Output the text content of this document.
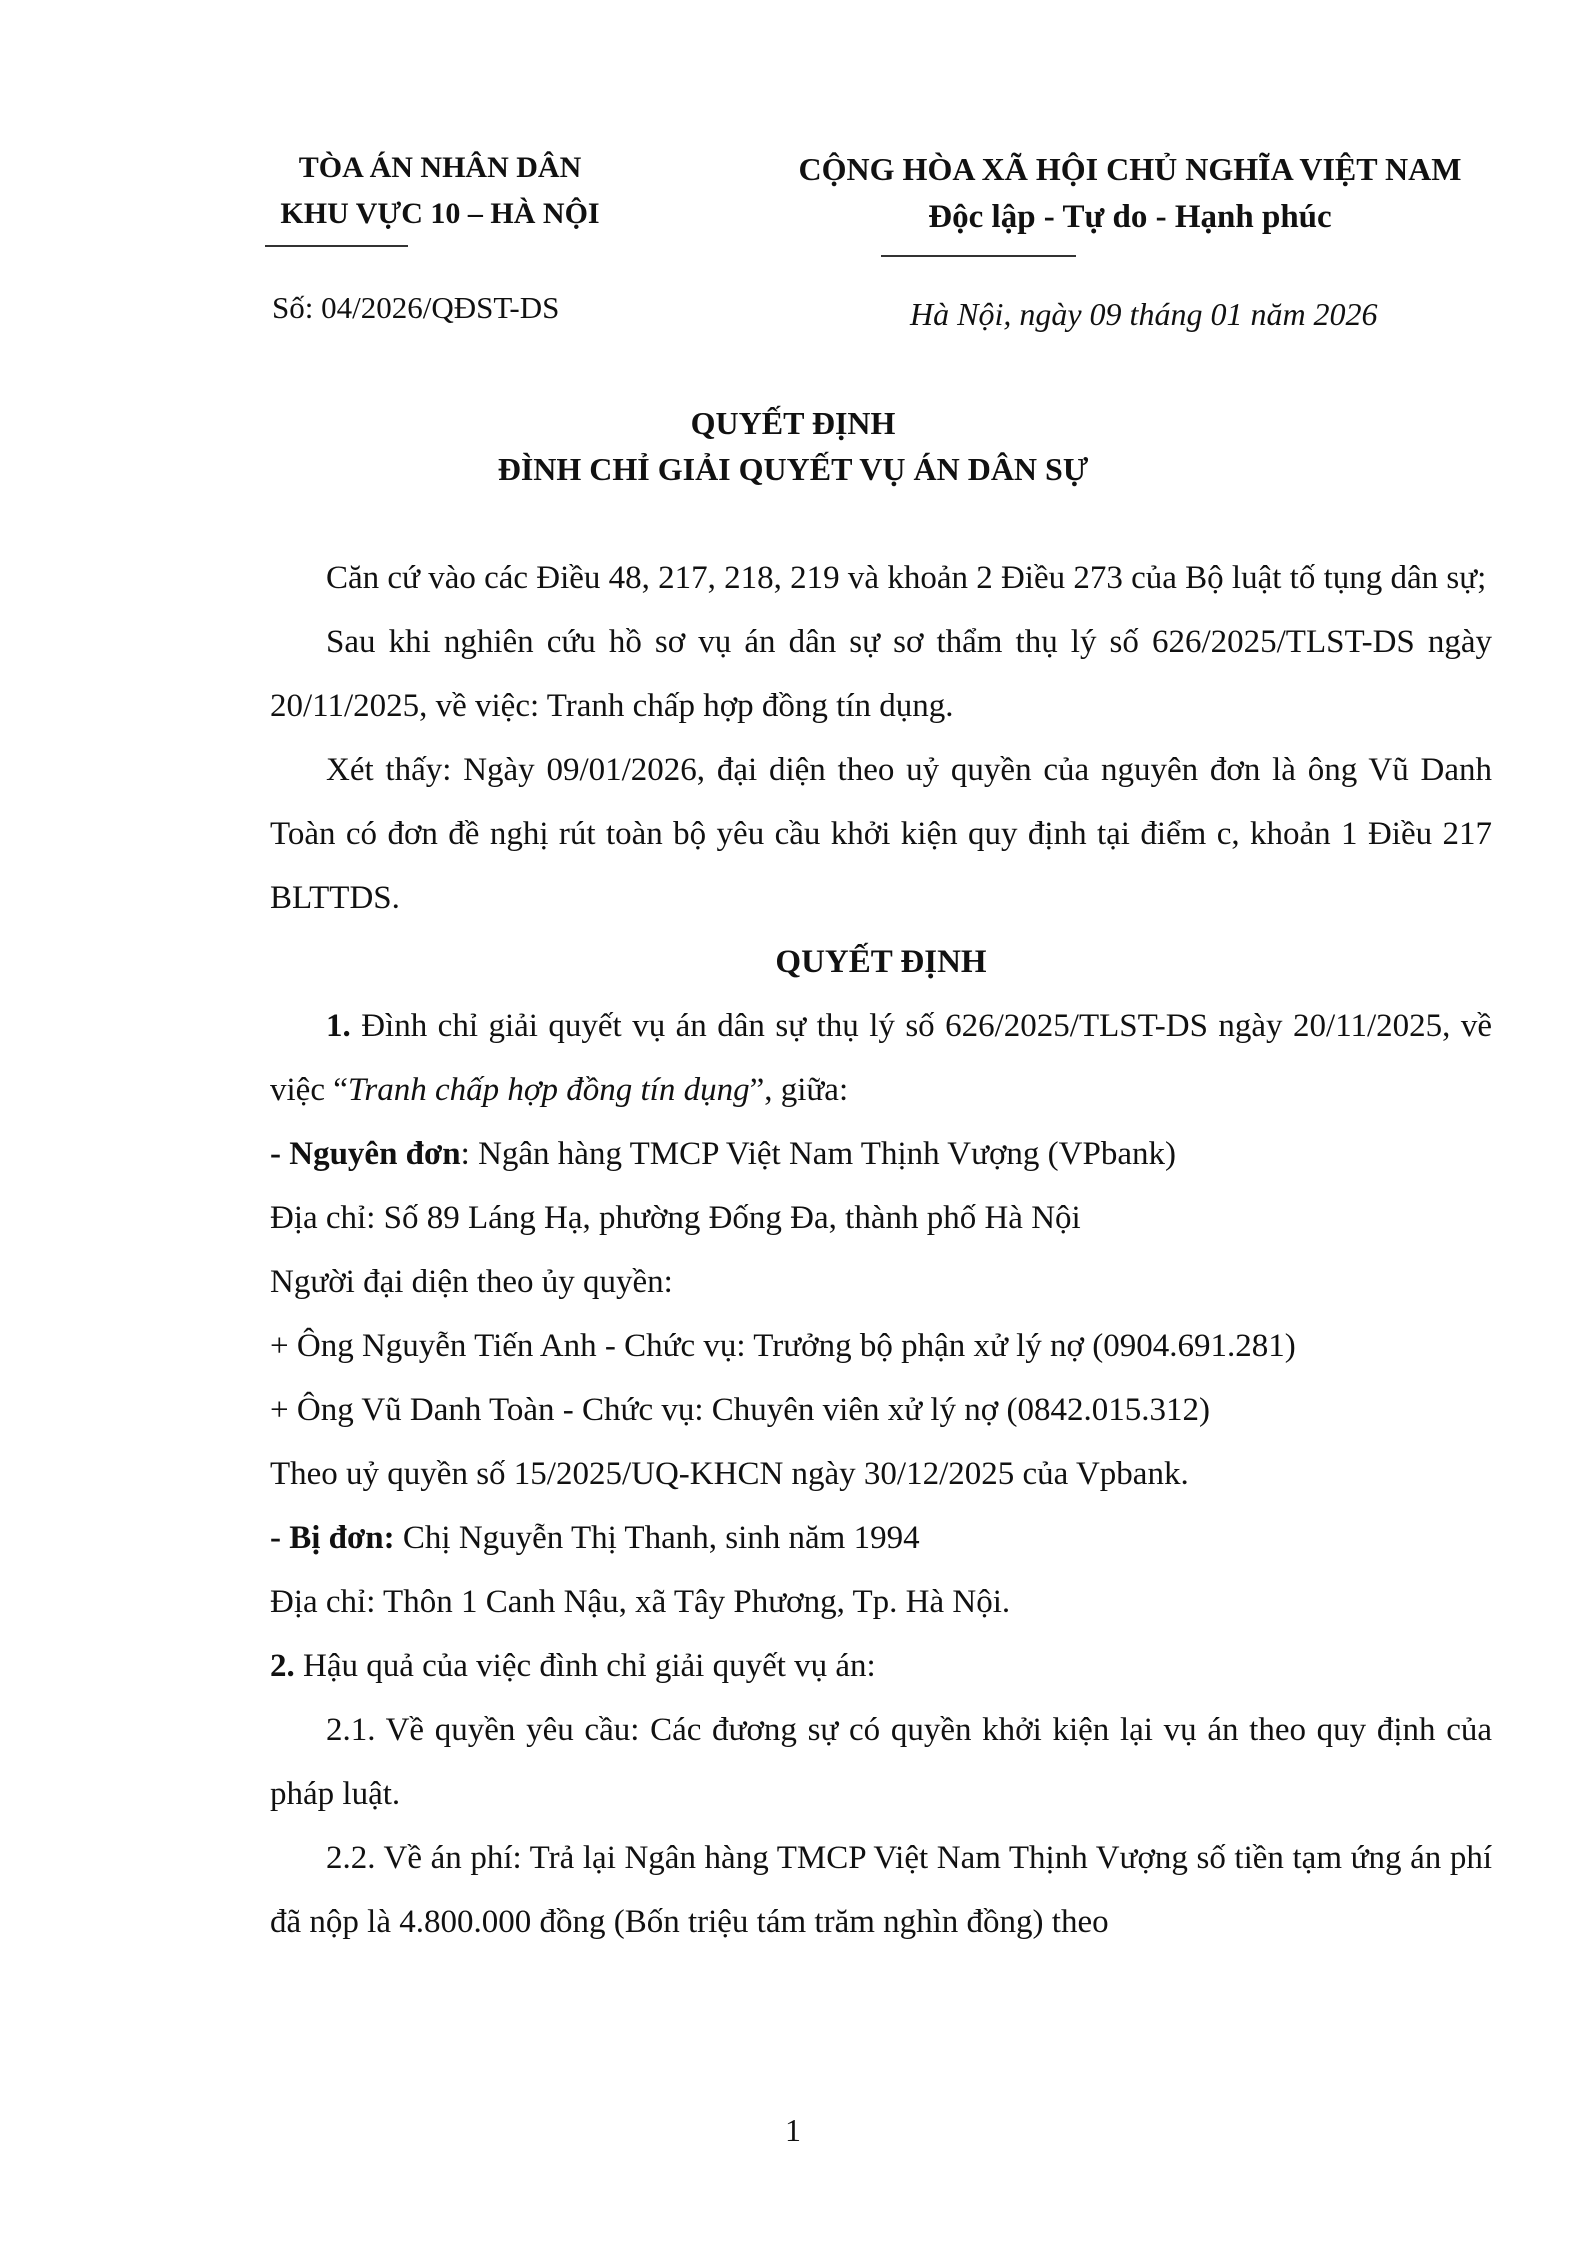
TÒA ÁN NHÂN DÂN
KHU VỰC 10 – HÀ NỘI
CỘNG HÒA XÃ HỘI CHỦ NGHĨA VIỆT NAM
Độc lập - Tự do - Hạnh phúc
Số: 04/2026/QĐST-DS	Hà Nội, ngày 09 tháng 01 năm 2026
QUYẾT ĐỊNH
ĐÌNH CHỈ GIẢI QUYẾT VỤ ÁN DÂN SỰ

Căn cứ vào các Điều 48, 217, 218, 219 và khoản 2 Điều 273 của Bộ luật tố tụng dân sự;

Sau khi nghiên cứu hồ sơ vụ án dân sự sơ thẩm thụ lý số 626/2025/TLST-DS ngày 20/11/2025, về việc: Tranh chấp hợp đồng tín dụng.

Xét thấy: Ngày 09/01/2026, đại diện theo uỷ quyền của nguyên đơn là ông Vũ Danh Toàn có đơn đề nghị rút toàn bộ yêu cầu khởi kiện quy định tại điểm c, khoản 1 Điều 217 BLTTDS.

QUYẾT ĐỊNH

1. Đình chỉ giải quyết vụ án dân sự thụ lý số 626/2025/TLST-DS ngày 20/11/2025, về việc “Tranh chấp hợp đồng tín dụng”, giữa:

- Nguyên đơn: Ngân hàng TMCP Việt Nam Thịnh Vượng (VPbank)

Địa chỉ: Số 89 Láng Hạ, phường Đống Đa, thành phố Hà Nội

Người đại diện theo ủy quyền:

+ Ông Nguyễn Tiến Anh - Chức vụ: Trưởng bộ phận xử lý nợ (0904.691.281)

+ Ông Vũ Danh Toàn - Chức vụ: Chuyên viên xử lý nợ (0842.015.312)

Theo uỷ quyền số 15/2025/UQ-KHCN ngày 30/12/2025 của Vpbank.

- Bị đơn: Chị Nguyễn Thị Thanh, sinh năm 1994

Địa chỉ: Thôn 1 Canh Nậu, xã Tây Phương, Tp. Hà Nội.

2. Hậu quả của việc đình chỉ giải quyết vụ án:

2.1. Về quyền yêu cầu: Các đương sự có quyền khởi kiện lại vụ án theo quy định của pháp luật.

2.2. Về án phí: Trả lại Ngân hàng TMCP Việt Nam Thịnh Vượng số tiền tạm ứng án phí đã nộp là 4.800.000 đồng (Bốn triệu tám trăm nghìn đồng) theo

1
